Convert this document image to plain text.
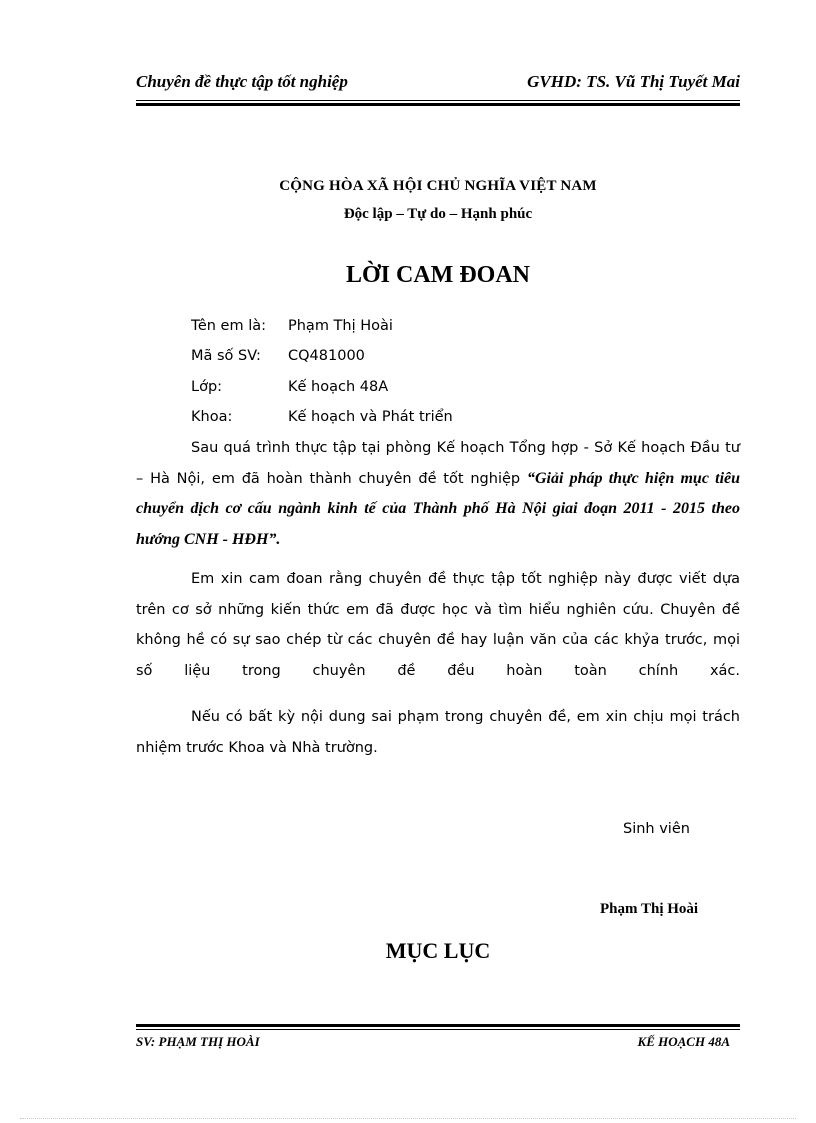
Chuyên đề thực tập tốt nghiệp	GVHD: TS. Vũ Thị Tuyết Mai
CỘNG HÒA XÃ HỘI CHỦ NGHĨA VIỆT NAM
Độc lập – Tự do – Hạnh phúc
LỜI CAM ĐOAN
Tên em là: Phạm Thị Hoài
Mã số SV: CQ481000
Lớp:	Kế hoạch 48A
Khoa:	Kế hoạch và Phát triển
Sau quá trình thực tập tại phòng Kế hoạch Tổng hợp - Sở Kế hoạch Đầu tư – Hà Nội, em đã hoàn thành chuyên đề tốt nghiệp “Giải pháp thực hiện mục tiêu chuyển dịch cơ cấu ngành kinh tế của Thành phố Hà Nội giai đoạn 2011 - 2015 theo hướng CNH - HĐH”.
Em xin cam đoan rằng chuyên đề thực tập tốt nghiệp này được viết dựa trên cơ sở những kiến thức em đã được học và tìm hiểu nghiên cứu. Chuyên đề không hề có sự sao chép từ các chuyên đề hay luận văn của các khỷa trước, mọi số liệu trong chuyên đề đều hoàn toàn chính xác.
Nếu có bất kỳ nội dung sai phạm trong chuyên đề, em xin chịu mọi trách nhiệm trước Khoa và Nhà trường.
Sinh viên
Phạm Thị Hoài
MỤC LỤC
SV: PHẠM THỊ HOÀI	KẾ HOẠCH 48A
